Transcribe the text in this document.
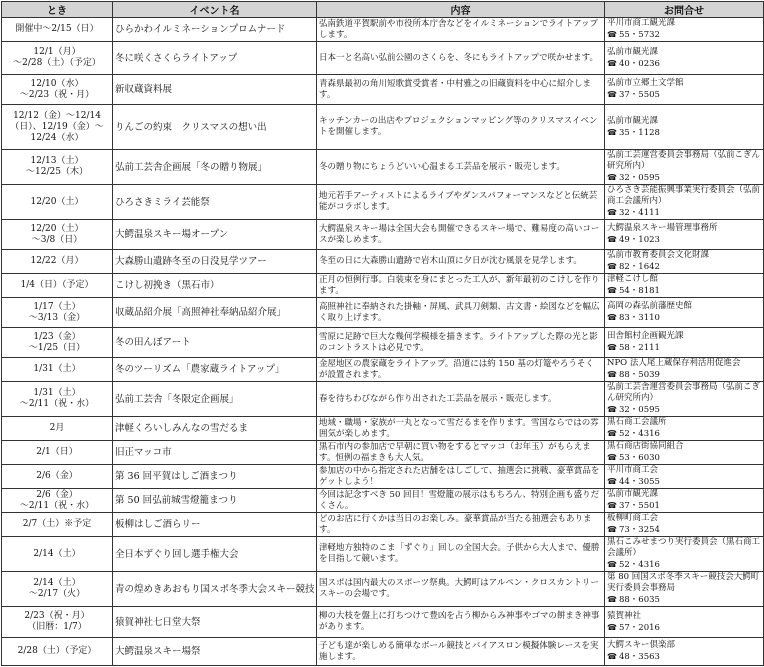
とき	イベント名	内容	お問合せ
開催中～2/15（日）	ひらかわイルミネーションプロムナード	弘南鉄道平賀駅前や市役所本庁舎などをイルミネーションでライトアップします。	平川市商工観光課
☎ 55・5732

12/1（月）
～2/28（土）（予定）	冬に咲くさくらライトアップ	日本一と名高い弘前公園のさくらを、冬にもライトアップで咲かせます。	弘前市観光課
☎ 40・0236

12/10（水）
～2/23（祝・月）	新収蔵資料展	青森県最初の角川短歌賞受賞者・中村雅之の旧蔵資料を中心に紹介します。	弘前市立郷土文学館
☎ 37・5505

12/12（金）～12/14
（日）、12/19（金）～
12/24（水）	りんごの約束　クリスマスの想い出	キッチンカーの出店やプロジェクションマッピング等のクリスマスイベントを開催します。	弘前市観光課
☎ 35・1128

12/13（土）
～12/25（木）	弘前工芸舎企画展「冬の贈り物展」	冬の贈り物にちょうどいい心温まる工芸品を展示・販売します。	弘前工芸運営委員会事務局（弘前こぎん研究所内）
☎ 32・0595

12/20（土）	ひろさきミライ芸能祭	地元若手アーティストによるライブやダンスパフォーマンスなどと伝統芸能がコラボします。	ひろさき芸能振興事業実行委員会（弘前商工会議所内）
☎ 32・4111

12/20（土）
～3/8（日）	大鰐温泉スキー場オープン	大鰐温泉スキー場は全国大会も開催できるスキー場で、難易度の高いコースが楽しめます。	大鰐温泉スキー場管理事務所
☎ 49・1023

12/22（月）	大森勝山遺跡冬至の日没見学ツアー	冬至の日に大森勝山遺跡で岩木山頂に夕日が沈む風景を見学します。	弘前市教育委員会文化財課
☎ 82・1642

1/4（日）（予定）	こけし初挽き（黒石市）	正月の恒例行事。白装束を身にまとった工人が、新年最初のこけしを作ります。	津軽こけし館
☎ 54・8181

1/17（土）
～3/13（金）	収蔵品紹介展「高照神社奉納品紹介展」	高照神社に奉納された掛軸・屏風、武具刀剣類、古文書・絵図などを幅広く取り上げます。	高岡の森弘前藩歴史館
☎ 83・3110

1/23（金）
～1/25（日）	冬の田んぼアート	雪原に足跡で巨大な幾何学模様を描きます。ライトアップした際の光と影のコントラストは必見です。	田舎館村企画観光課
☎ 58・2111

1/31（土）	冬のツーリズム「農家蔵ライトアップ」	金屋地区の農家蔵をライトアップ。沿道には約 150 基の灯篭やろうそくが設置されます。	NPO 法人尾上蔵保存利活用促進会
☎ 88・5039

1/31（土）
～2/11（祝・水）	弘前工芸舎「冬限定企画展」	春を待ちわびながら作り出された工芸品を展示・販売します。	弘前工芸舎運営委員会事務局（弘前こぎん研究所内）
☎ 32・0595

2月	津軽くろいしみんなの雪だるま	地域・職場・家族が一丸となって雪だるまを作ります。雪国ならではの雰囲気が楽しめます。	黒石商工会議所
☎ 52・4316

2/1（日）	旧正マッコ市	黒石市内の参加店で早朝に買い物をするとマッコ（お年玉）がもらえます。恒例の福まきも大人気。	黒石商店街協同組合
☎ 53・6030

2/6（金）	第 36 回平賀はしご酒まつり	参加店の中から指定された店舗をはしごして、抽選会に挑戦、豪華賞品をゲットしよう！	平川市商工会
☎ 44・3055

2/6（金）
～2/11（祝・水）	第 50 回弘前城雪燈籠まつり	今回は記念すべき 50 回目！雪燈籠の展示はもちろん、特別企画も盛りだくさん。	弘前市観光課
☎ 37・5501

2/7（土）※予定	板柳はしご酒らリー	どのお店に行くかは当日のお楽しみ。豪華賞品が当たる抽選会もあります。	板柳町商工会
☎ 73・3254

2/14（土）	全日本ずぐり回し選手権大会	津軽地方独特のこま「ずぐり」回しの全国大会。子供から大人まで、優勝を目指して競います。	黒石こみせまつり実行委員会（黒石商工会議所）
☎ 52・4316

2/14（土）
～2/17（火）	青の煌めきあおもり国スポ冬季大会スキー競技	国スポは国内最大のスポーツ祭典。大鰐町はアルペン・クロスカントリースキーの会場です。	第 80 回国スポ冬季スキー競技会大鰐町実行委員会事務局
☎ 88・6035

2/23（祝・月）
（旧暦：1/7）	猿賀神社七日堂大祭	柳の大枝を盤上に打ちつけて豊凶を占う柳からみ神事やゴマの餅まき神事があります。	猿賀神社
☎ 57・2016

2/28（土）（予定）	大鰐温泉スキー場祭	子ども達が楽しめる簡単なボール競技とバイアスロン模擬体験レースを実施します。	大鰐スキー倶楽部
☎ 48・3563
